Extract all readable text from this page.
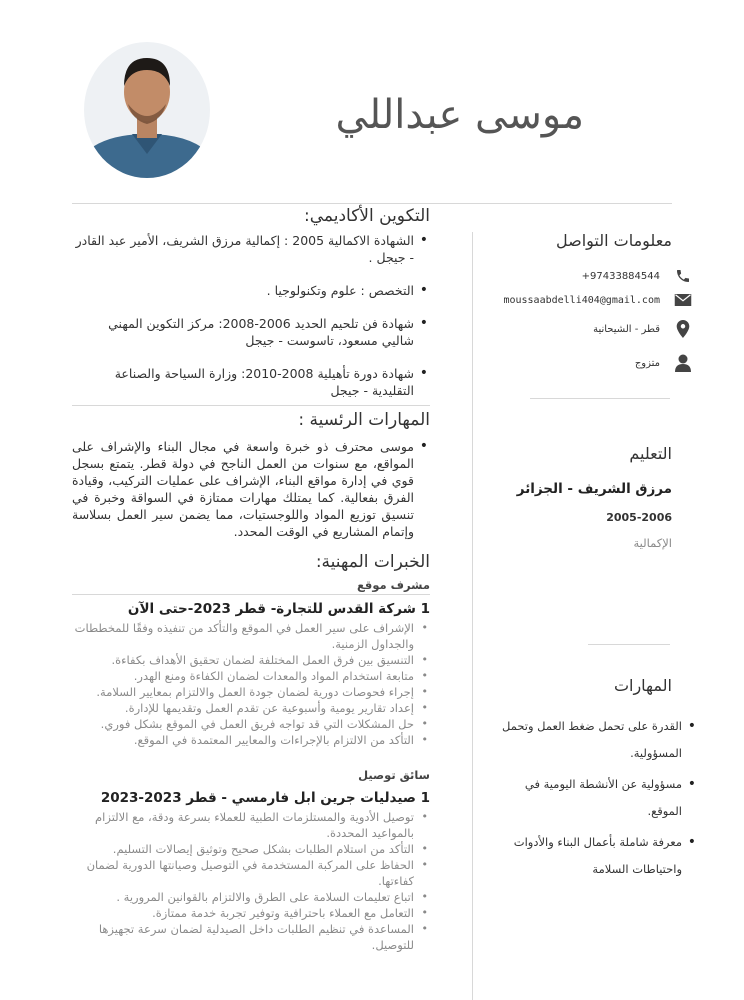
موسى عبداللي
معلومات التواصل
+97433884544
moussaabdelli404@gmail.com
قطر - الشيحانية
متزوج
التعليم
مرزق الشريف - الجزائر
2005-2006
الإكمالية
المهارات
• القدرة على تحمل ضغط العمل وتحمل المسؤولية.
• مسؤولية عن الأنشطة اليومية في الموقع.
• معرفة شاملة بأعمال البناء والأدوات واحتياطات السلامة
التكوين الأكاديمي:
• الشهادة الاكمالية 2005 : إكمالية مرزق الشريف، الأمير عبد القادر - جيجل .
• التخصص : علوم وتكنولوجيا .
• شهادة فن تلحيم الحديد 2006-2008: مركز التكوين المهني شاليي مسعود، تاسوست - جيجل
• شهادة دورة تأهيلية 2008-2010: وزارة السياحة والصناعة التقليدية - جيجل
المهارات الرئسية :
• موسى محترف ذو خبرة واسعة في مجال البناء والإشراف على المواقع، مع سنوات من العمل الناجح في دولة قطر. يتمتع بسجل قوي في إدارة مواقع البناء، الإشراف على عمليات التركيب، وقيادة الفرق بفعالية. كما يمتلك مهارات ممتازة في السواقة وخبرة في تنسيق توزيع المواد واللوجستيات، مما يضمن سير العمل بسلاسة وإتمام المشاريع في الوقت المحدد.
الخبرات المهنية:
مشرف موقع
1 شركة القدس للتجارة- قطر 2023-حتى الآن
• الإشراف على سير العمل في الموقع والتأكد من تنفيذه وفقًا للمخططات والجداول الزمنية.
• التنسيق بين فرق العمل المختلفة لضمان تحقيق الأهداف بكفاءة.
• متابعة استخدام المواد والمعدات لضمان الكفاءة ومنع الهدر.
• إجراء فحوصات دورية لضمان جودة العمل والالتزام بمعايير السلامة.
• إعداد تقارير يومية وأسبوعية عن تقدم العمل وتقديمها للإدارة.
• حل المشكلات التي قد تواجه فريق العمل في الموقع بشكل فوري.
• التأكد من الالتزام بالإجراءات والمعايير المعتمدة في الموقع.
سائق توصيل
1 صيدليات جرين ابل فارمسي - قطر 2023-2023
• توصيل الأدوية والمستلزمات الطبية للعملاء بسرعة ودقة، مع الالتزام بالمواعيد المحددة.
• التأكد من استلام الطلبات بشكل صحيح وتوثيق إيصالات التسليم.
• الحفاظ على المركبة المستخدمة في التوصيل وصيانتها الدورية لضمان كفاءتها.
• اتباع تعليمات السلامة على الطرق والالتزام بالقوانين المرورية .
• التعامل مع العملاء باحترافية وتوفير تجربة خدمة ممتازة.
• المساعدة في تنظيم الطلبات داخل الصيدلية لضمان سرعة تجهيزها للتوصيل.
